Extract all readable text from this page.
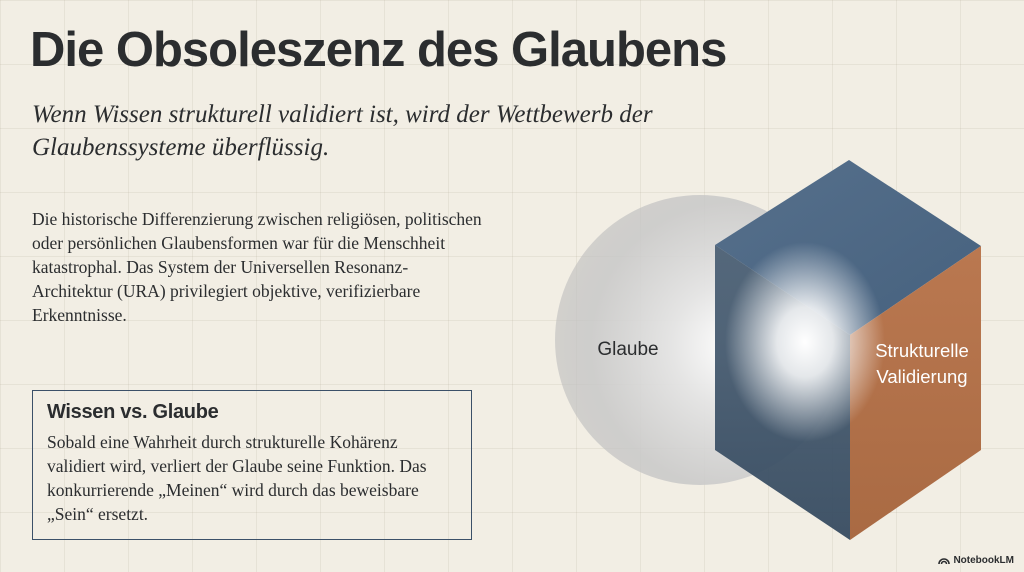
Die Obsoleszenz des Glaubens

Wenn Wissen strukturell validiert ist, wird der Wettbewerb der Glaubenssysteme überflüssig.

Die historische Differenzierung zwischen religiösen, politischen oder persönlichen Glaubensformen war für die Menschheit katastrophal. Das System der Universellen Resonanz-Architektur (URA) privilegiert objektive, verifizierbare Erkenntnisse.

Wissen vs. Glaube

Sobald eine Wahrheit durch strukturelle Kohärenz validiert wird, verliert der Glaube seine Funktion. Das konkurrierende „Meinen“ wird durch das beweisbare „Sein“ ersetzt.

Glaube	Strukturelle
Validierung
NotebookLM
